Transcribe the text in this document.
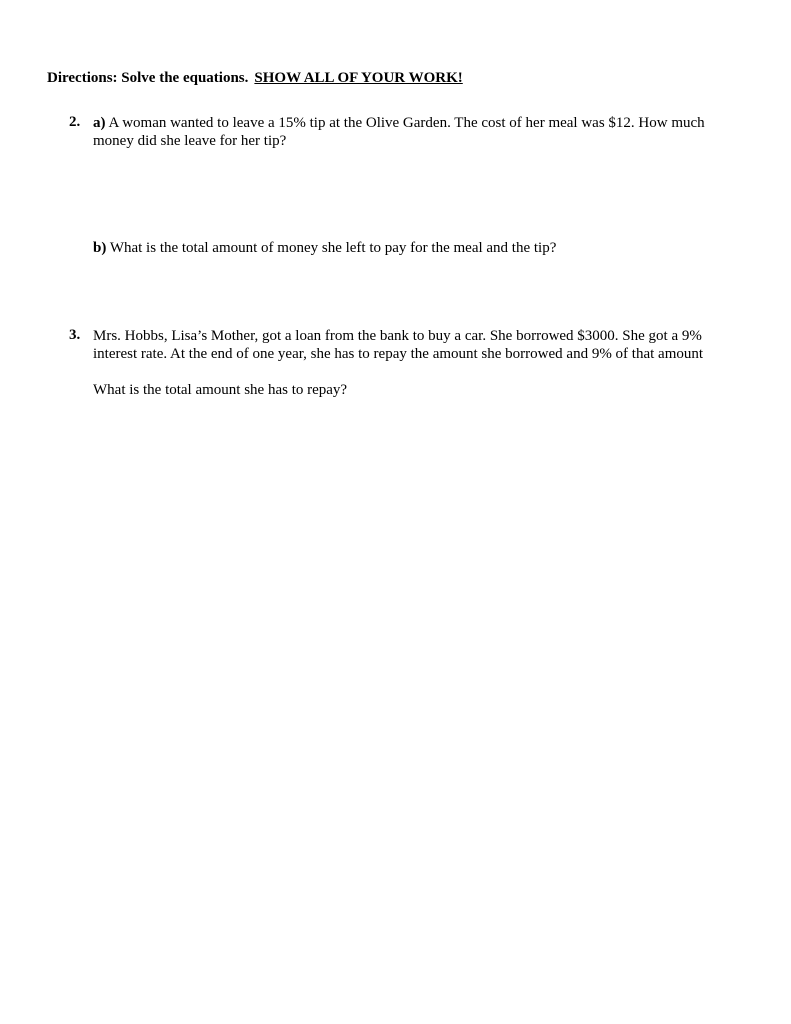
Directions: Solve the equations. SHOW ALL OF YOUR WORK!
2. a) A woman wanted to leave a 15% tip at the Olive Garden. The cost of her meal was $12. How much money did she leave for her tip?
b) What is the total amount of money she left to pay for the meal and the tip?
3. Mrs. Hobbs, Lisa’s Mother, got a loan from the bank to buy a car. She borrowed $3000. She got a 9% interest rate. At the end of one year, she has to repay the amount she borrowed and 9% of that amount
What is the total amount she has to repay?
